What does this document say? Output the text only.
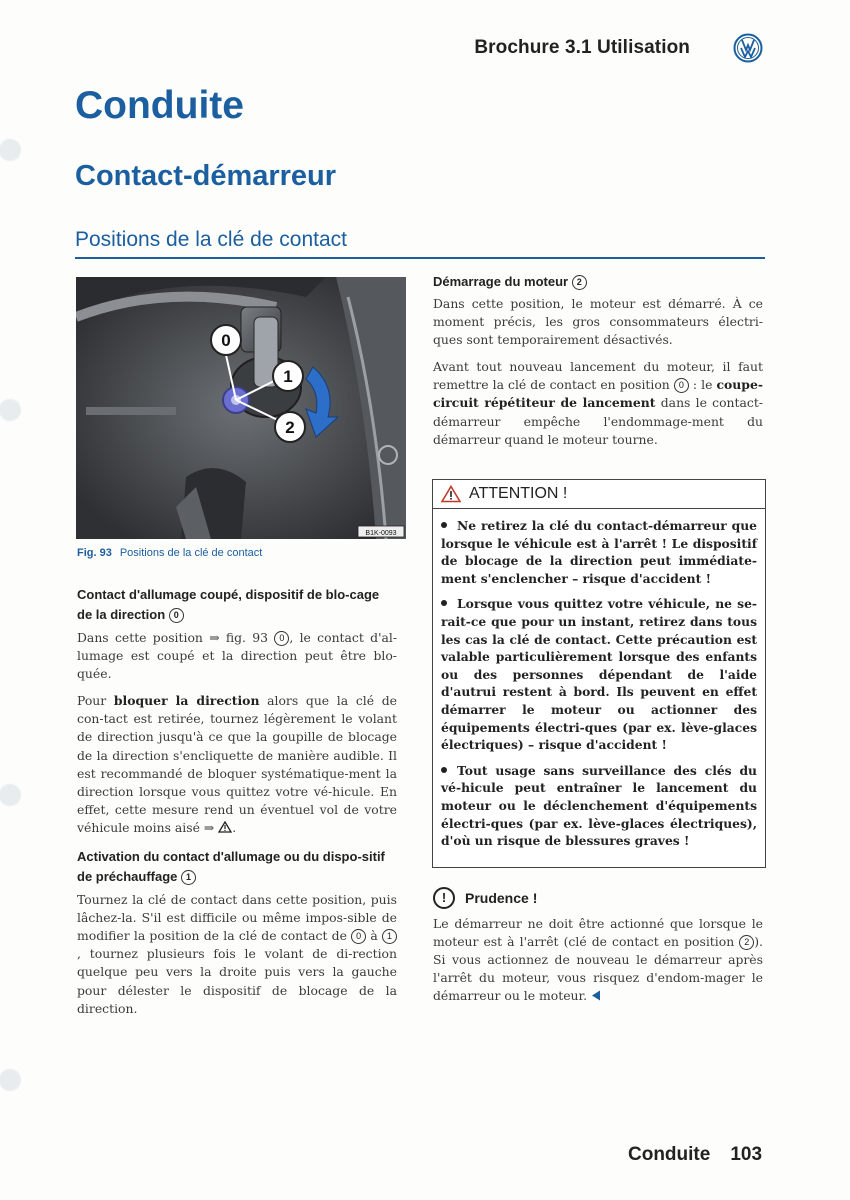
Brochure 3.1 Utilisation
Conduite
Contact-démarreur
Positions de la clé de contact
0
1
2
B1K-0093
Fig. 93 Positions de la clé de contact
Contact d'allumage coupé, dispositif de blo-cage de la direction 0
Dans cette position ⇒ fig. 93 0 , le contact d'al-lumage est coupé et la direction peut être blo-quée.
Pour bloquer la direction alors que la clé de con-tact est retirée, tournez légèrement le volant de direction jusqu'à ce que la goupille de blocage de la direction s'encliquette de manière audible. Il est recommandé de bloquer systématique-ment la direction lorsque vous quittez votre vé-hicule. En effet, cette mesure rend un éventuel vol de votre véhicule moins aisé ⇒ .
Activation du contact d'allumage ou du dispo-sitif de préchauffage 1
Tournez la clé de contact dans cette position, puis lâchez-la. S'il est difficile ou même impos-sible de modifier la position de la clé de contact de 0 à 1, tournez plusieurs fois le volant de di-rection quelque peu vers la droite puis vers la gauche pour délester le dispositif de blocage de la direction.
Démarrage du moteur 2
Dans cette position, le moteur est démarré. À ce moment précis, les gros consommateurs électri-ques sont temporairement désactivés.
Avant tout nouveau lancement du moteur, il faut remettre la clé de contact en position 0 : le coupe-circuit répétiteur de lancement dans le contact-démarreur empêche l'endommage-ment du démarreur quand le moteur tourne.
ATTENTION !
Ne retirez la clé du contact-démarreur que lorsque le véhicule est à l'arrêt ! Le dispositif de blocage de la direction peut immédiate-ment s'enclencher – risque d'accident !
Lorsque vous quittez votre véhicule, ne se-rait-ce que pour un instant, retirez dans tous les cas la clé de contact. Cette précaution est valable particulièrement lorsque des enfants ou des personnes dépendant de l'aide d'autrui restent à bord. Ils peuvent en effet démarrer le moteur ou actionner des équipements électri-ques (par ex. lève-glaces électriques) – risque d'accident !
Tout usage sans surveillance des clés du vé-hicule peut entraîner le lancement du moteur ou le déclenchement d'équipements électri-ques (par ex. lève-glaces électriques), d'où un risque de blessures graves !
!	Prudence !
Le démarreur ne doit être actionné que lorsque le moteur est à l'arrêt (clé de contact en position 2 ). Si vous actionnez de nouveau le démarreur après l'arrêt du moteur, vous risquez d'endom-mager le démarreur ou le moteur.
Conduite 103
